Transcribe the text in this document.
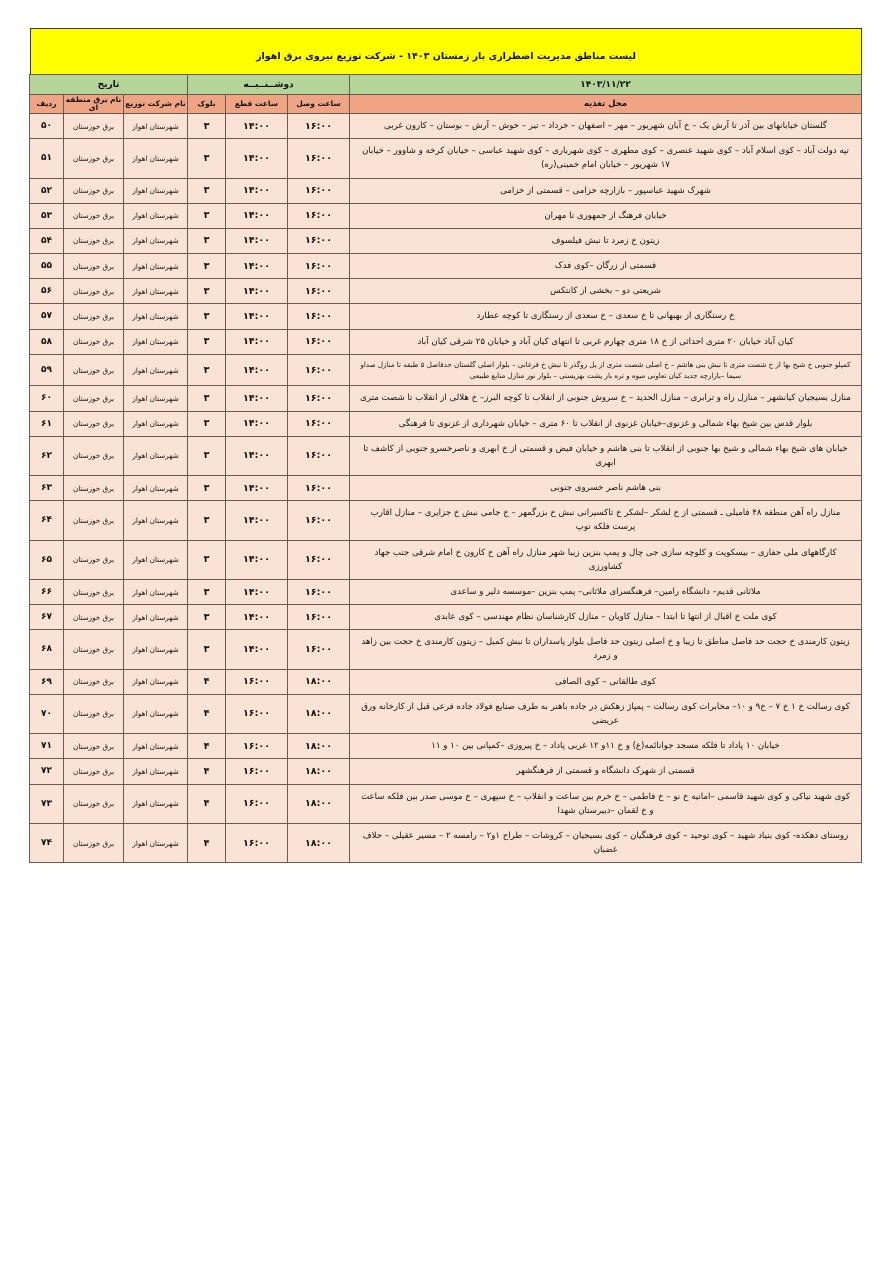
لیست مناطق مدیریت اضطراری بار زمستان ۱۴۰۳ - شرکت توزیع نیروی برق اهواز
۱۴۰۳/۱۱/۲۲	دوشــنــبــه			تاریخ		
محل تغذیه	ساعت وصل	ساعت قطع	بلوک	نام شرکت توزیع	نام برق منطقه ای	ردیف
گلستان خیابانهای بین آذر تا آرش یک – خ آبان شهریور – مهر – اصفهان – خرداد – تیر – خوش – آرش – بوستان – کارون غربی	۱۶:۰۰	۱۴:۰۰	۳	شهرستان اهواز	برق خوزستان	۵۰
تپه دولت آباد – کوی اسلام آباد – کوی شهید عنصری – کوی مطهری – کوی شهرباری – کوی شهید عباسی – خیابان کرخه و شاوور – خیابان ۱۷ شهریور – خیابان امام خمینی(ره)	۱۶:۰۰	۱۴:۰۰	۳	شهرستان اهواز	برق خوزستان	۵۱
شهرک شهید عباسپور – بازارچه خزامی – قسمتی از خزامی	۱۶:۰۰	۱۴:۰۰	۳	شهرستان اهواز	برق خوزستان	۵۲
خیابان فرهنگ از جمهوری تا مهران	۱۶:۰۰	۱۴:۰۰	۳	شهرستان اهواز	برق خوزستان	۵۳
زیتون خ زمرد تا نبش فیلسوف	۱۶:۰۰	۱۴:۰۰	۳	شهرستان اهواز	برق خوزستان	۵۴
قسمتی از زرگان –کوی فدک	۱۶:۰۰	۱۴:۰۰	۳	شهرستان اهواز	برق خوزستان	۵۵
شریعتی دو – بخشی از کانتکس	۱۶:۰۰	۱۴:۰۰	۳	شهرستان اهواز	برق خوزستان	۵۶
خ رستگاری از بهبهانی تا خ سعدی – خ سعدی از رستگاری تا کوچه عطارد	۱۶:۰۰	۱۴:۰۰	۳	شهرستان اهواز	برق خوزستان	۵۷
کیان آباد خیابان ۲۰ متری احداثی از خ ۱۸ متری چهارم غربی تا انتهای کیان آباد و خیابان ۲۵ شرقی کیان آباد	۱۶:۰۰	۱۴:۰۰	۳	شهرستان اهواز	برق خوزستان	۵۸
کمپلو جنوبی خ شیخ بها از خ شصت متری تا نبش بنی هاشم – خ اصلی شصت متری از پل روگذر تا نبش خ فرغانی – بلوار اصلی گلستان حدفاصل ۵ طبقه تا منازل صداو سیما –بازارچه جدید کیان تعاونی میوه و تره بار پشت بهزیستی – بلوار نور منازل منابع طبیعی	۱۶:۰۰	۱۴:۰۰	۳	شهرستان اهواز	برق خوزستان	۵۹
منازل بسیجیان کیانشهر – منازل راه و ترابری – منازل الحدید – خ سروش جنوبی از انقلاب تا کوچه البرز– خ هلالی از انقلاب تا شصت متری	۱۶:۰۰	۱۴:۰۰	۳	شهرستان اهواز	برق خوزستان	۶۰
بلوار قدس بین شیخ بهاء شمالی و غزنوی–خیابان غزنوی از انقلاب تا ۶۰ متری – خیابان شهرداری از غزنوی تا فرهنگی	۱۶:۰۰	۱۴:۰۰	۳	شهرستان اهواز	برق خوزستان	۶۱
خیابان های شیخ بهاء شمالی و شیخ بها جنوبی از انقلاب تا بنی هاشم و خیابان فیض و قسمتی از خ ابهری و ناصرخسرو جنوبی از کاشف تا ابهری	۱۶:۰۰	۱۴:۰۰	۳	شهرستان اهواز	برق خوزستان	۶۲
بنی هاشم ناصر خسروی جنوبی	۱۶:۰۰	۱۴:۰۰	۳	شهرستان اهواز	برق خوزستان	۶۳
منازل راه آهن منطقه ۴۸ فامیلی ـ قسمتی از خ لشکر –لشکر خ تاکسیرانی نبش خ بزرگمهر – خ جامی نبش خ جزایری – منازل اقارب پرست فلکه توپ	۱۶:۰۰	۱۴:۰۰	۳	شهرستان اهواز	برق خوزستان	۶۴
کارگاههای ملی حفاری – بیسکویت و کلوچه سازی جی چال و پمپ بنزین زیبا شهر منازل راه آهن خ کارون خ امام شرقی جنب جهاد کشاورزی	۱۶:۰۰	۱۴:۰۰	۳	شهرستان اهواز	برق خوزستان	۶۵
ملاثانی قدیم– دانشگاه رامین– فرهنگسرای ملاثانی– پمپ بنزین –موسسه دلیر و ساعدی	۱۶:۰۰	۱۴:۰۰	۳	شهرستان اهواز	برق خوزستان	۶۶
کوی ملت خ اقبال از انتها تا ابتدا – منازل کاویان – منازل کارشناسان نظام مهندسی – کوی عابدی	۱۶:۰۰	۱۴:۰۰	۳	شهرستان اهواز	برق خوزستان	۶۷
زیتون کارمندی خ حجت حد فاصل مناطق تا زیبا و خ اصلی زیتون حد فاصل بلوار پاسداران تا نبش کمیل – زیتون کارمندی خ حجت بین زاهد و زمرد	۱۶:۰۰	۱۴:۰۰	۳	شهرستان اهواز	برق خوزستان	۶۸
کوی طالقانی – کوی الصافی	۱۸:۰۰	۱۶:۰۰	۴	شهرستان اهواز	برق خوزستان	۶۹
کوی رسالت خ ۱ خ ۷ – خ۹ و ۱۰– مخابرات کوی رسالت – پمپاژ زهکش در جاده باهنر به طرف صنایع فولاد جاده فرعی قبل از کارخانه ورق عریضی	۱۸:۰۰	۱۶:۰۰	۴	شهرستان اهواز	برق خوزستان	۷۰
خیابان ۱۰ پاداد تا فلکه مسجد جوانائمه(ع) و خ ۱۱و ۱۲ غربی پاداد – خ پیروزی –کمپانی بین ۱۰ و ۱۱	۱۸:۰۰	۱۶:۰۰	۴	شهرستان اهواز	برق خوزستان	۷۱
قسمتی از شهرک دانشگاه و قسمتی از فرهنگشهر	۱۸:۰۰	۱۶:۰۰	۴	شهرستان اهواز	برق خوزستان	۷۲
کوی شهید نیاکی و کوی شهید قاسمی –امانیه خ نو – خ فاطمی – خ خرم بین ساعت و انقلاب – خ سپهری – خ موسی صدر بین فلکه ساعت و خ لقمان –دبیرستان شهدا	۱۸:۰۰	۱۶:۰۰	۴	شهرستان اهواز	برق خوزستان	۷۳
روستای دهکده- کوی بنیاد شهید – کوی توحید – کوی فرهنگیان – کوی بسیجیان – کروشات – طراح ۱و۲ – رامسه ۲ – مسیر عقیلی – حلاف غضبان	۱۸:۰۰	۱۶:۰۰	۴	شهرستان اهواز	برق خوزستان	۷۴
